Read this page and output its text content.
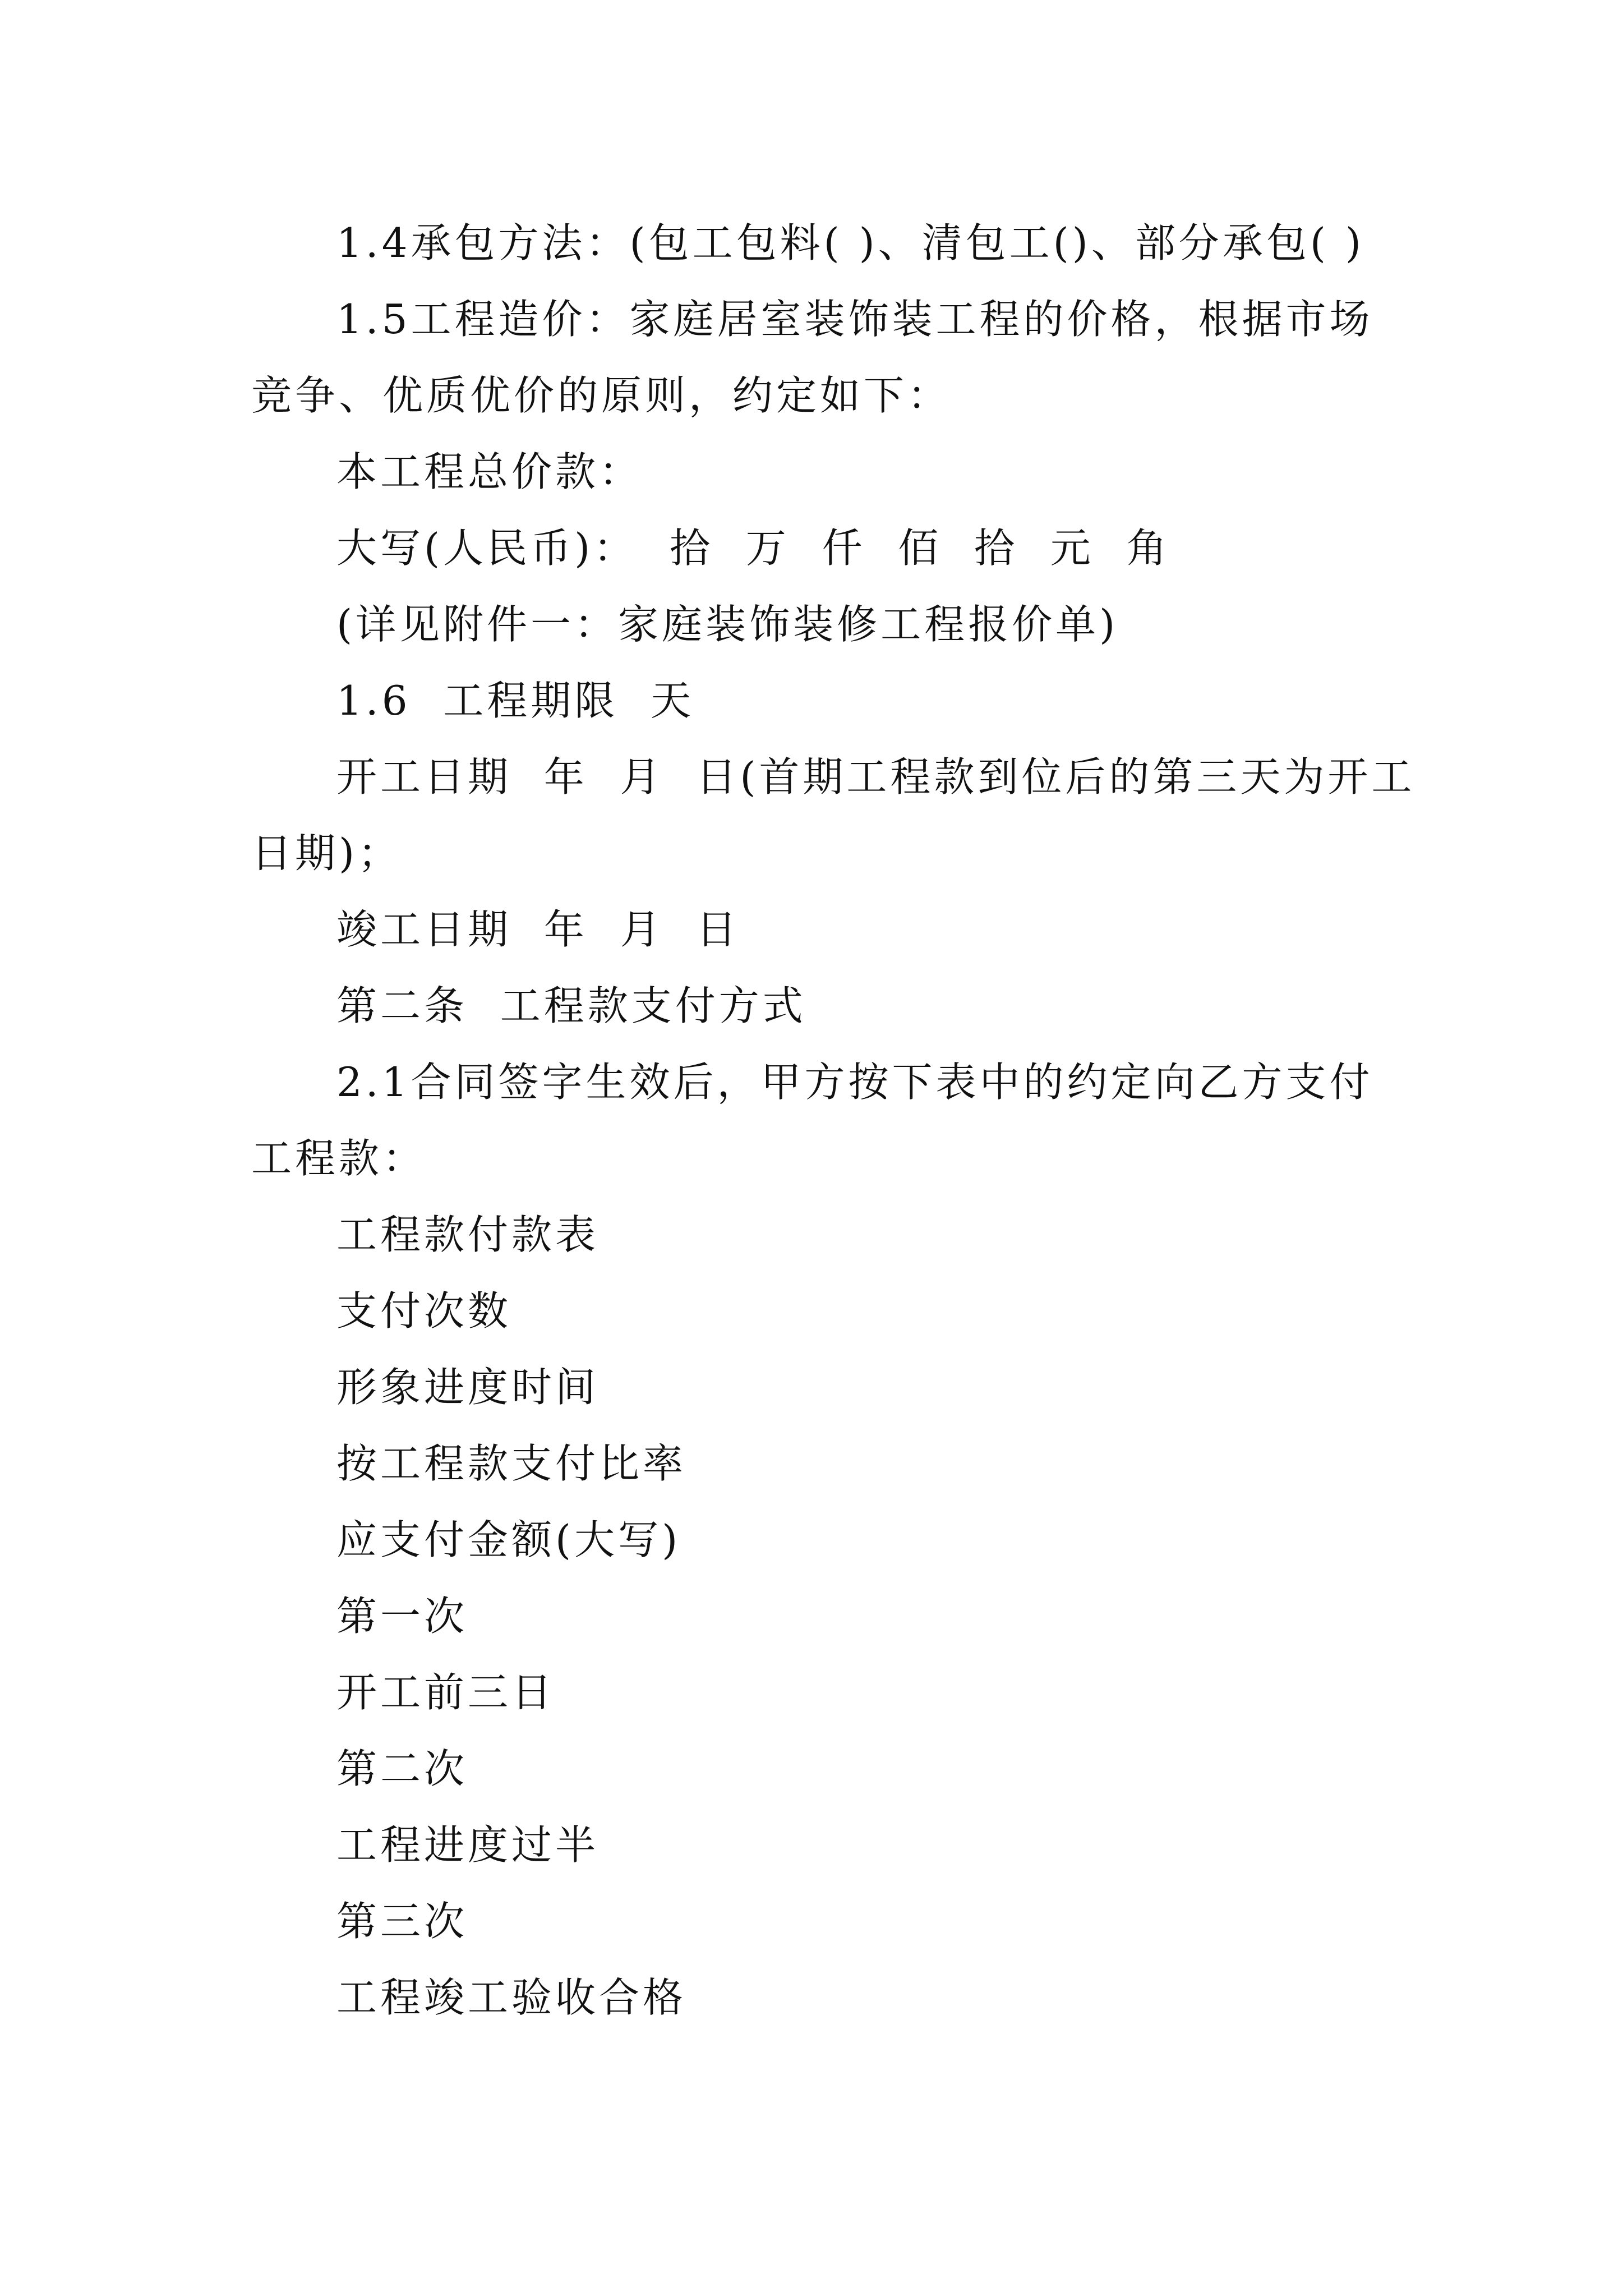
1.4承包方法：(包工包料( )、清包工()、部分承包( )
1.5工程造价：家庭居室装饰装工程的价格，根据市场
竞争、优质优价的原则，约定如下：
本工程总价款：
大写(人民币)：  拾  万  仟  佰  拾  元  角
(详见附件一：家庭装饰装修工程报价单)
1.6  工程期限  天
开工日期  年  月  日(首期工程款到位后的第三天为开工
日期)；
竣工日期  年  月  日
第二条  工程款支付方式
2.1合同签字生效后，甲方按下表中的约定向乙方支付
工程款：
工程款付款表
支付次数
形象进度时间
按工程款支付比率
应支付金额(大写)
第一次
开工前三日
第二次
工程进度过半
第三次
工程竣工验收合格
